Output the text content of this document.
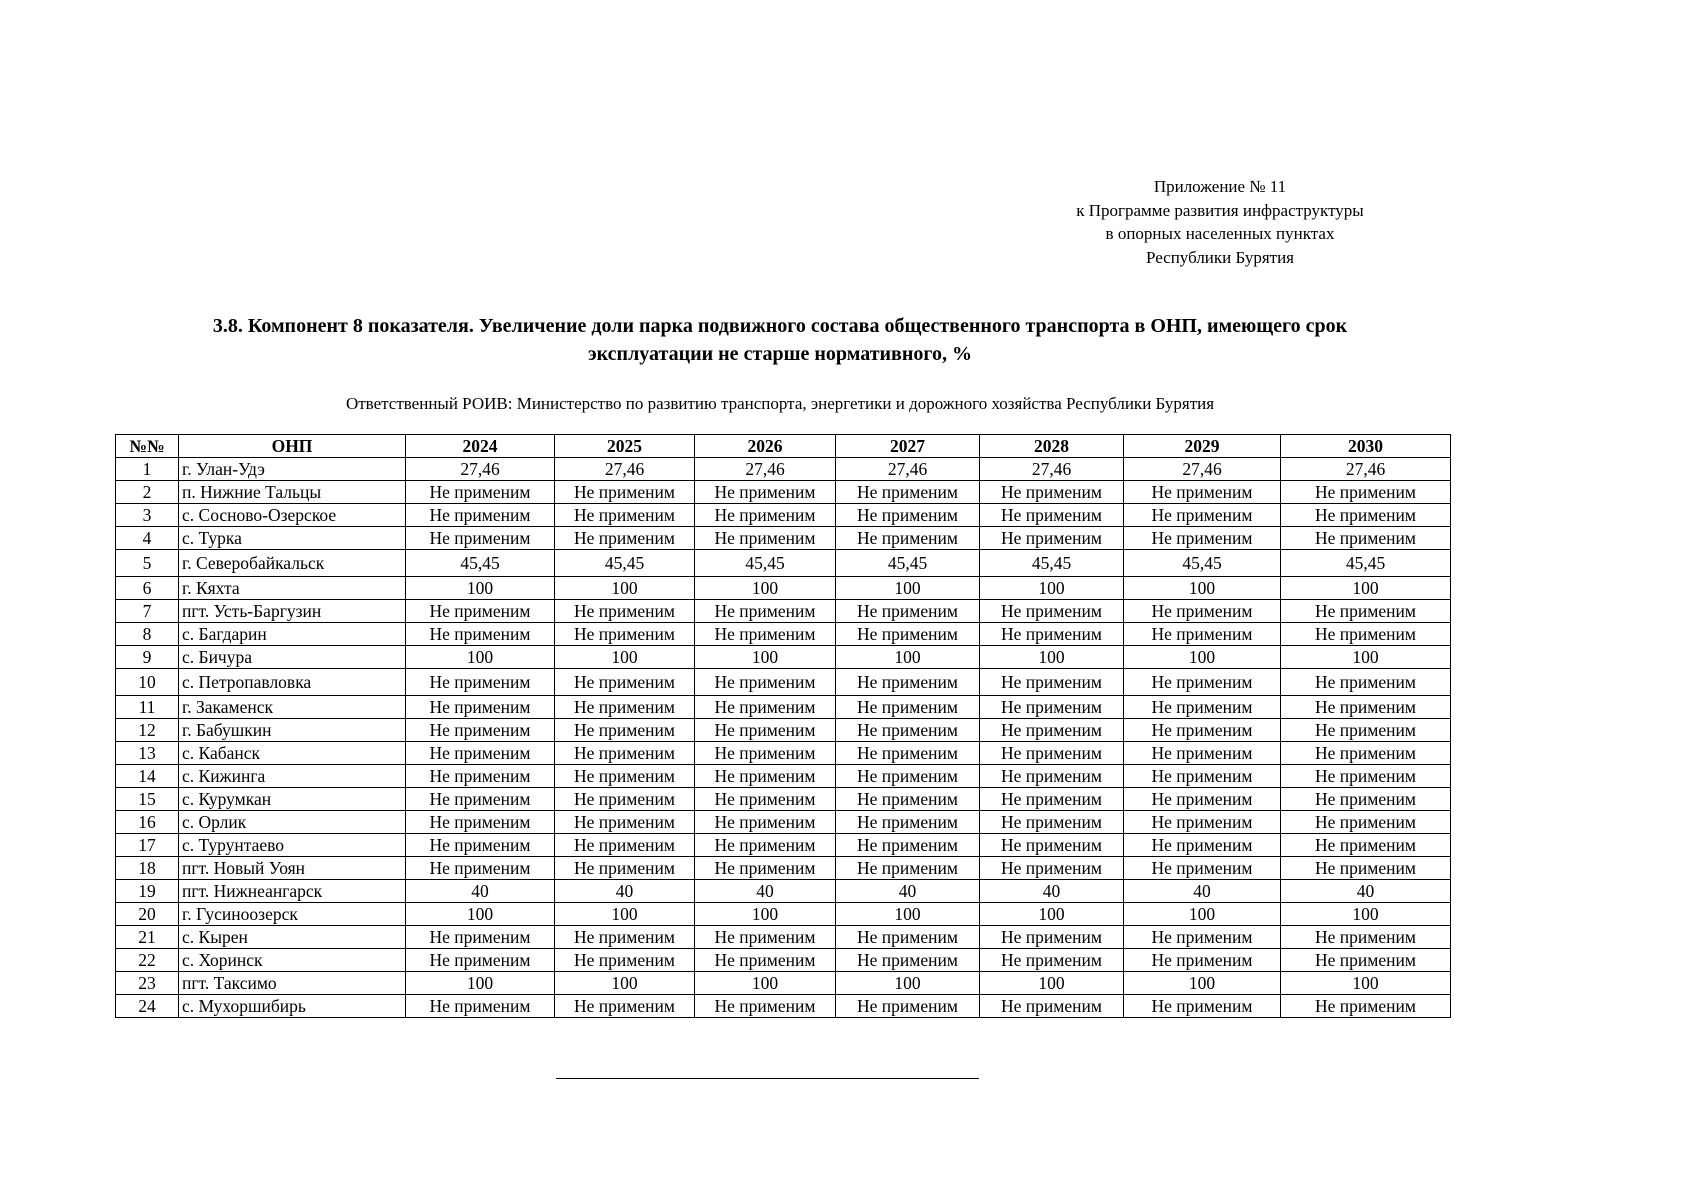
Приложение № 11
к Программе развития инфраструктуры
в опорных населенных пунктах
Республики Бурятия
3.8. Компонент 8 показателя. Увеличение доли парка подвижного состава общественного транспорта в ОНП, имеющего срок
эксплуатации не старше нормативного, %
Ответственный РОИВ: Министерство по развитию транспорта, энергетики и дорожного хозяйства Республики Бурятия
№№	ОНП	2024	2025	2026	2027	2028	2029	2030
1	г. Улан-Удэ	27,46	27,46	27,46	27,46	27,46	27,46	27,46
2	п. Нижние Тальцы	Не применим	Не применим	Не применим	Не применим	Не применим	Не применим	Не применим
3	с. Сосново-Озерское	Не применим	Не применим	Не применим	Не применим	Не применим	Не применим	Не применим
4	с. Турка	Не применим	Не применим	Не применим	Не применим	Не применим	Не применим	Не применим
5	г. Северобайкальск	45,45	45,45	45,45	45,45	45,45	45,45	45,45
6	г. Кяхта	100	100	100	100	100	100	100
7	пгт. Усть-Баргузин	Не применим	Не применим	Не применим	Не применим	Не применим	Не применим	Не применим
8	с. Багдарин	Не применим	Не применим	Не применим	Не применим	Не применим	Не применим	Не применим
9	с. Бичура	100	100	100	100	100	100	100
10	с. Петропавловка	Не применим	Не применим	Не применим	Не применим	Не применим	Не применим	Не применим
11	г. Закаменск	Не применим	Не применим	Не применим	Не применим	Не применим	Не применим	Не применим
12	г. Бабушкин	Не применим	Не применим	Не применим	Не применим	Не применим	Не применим	Не применим
13	с. Кабанск	Не применим	Не применим	Не применим	Не применим	Не применим	Не применим	Не применим
14	с. Кижинга	Не применим	Не применим	Не применим	Не применим	Не применим	Не применим	Не применим
15	с. Курумкан	Не применим	Не применим	Не применим	Не применим	Не применим	Не применим	Не применим
16	с. Орлик	Не применим	Не применим	Не применим	Не применим	Не применим	Не применим	Не применим
17	с. Турунтаево	Не применим	Не применим	Не применим	Не применим	Не применим	Не применим	Не применим
18	пгт. Новый Уоян	Не применим	Не применим	Не применим	Не применим	Не применим	Не применим	Не применим
19	пгт. Нижнеангарск	40	40	40	40	40	40	40
20	г. Гусиноозерск	100	100	100	100	100	100	100
21	с. Кырен	Не применим	Не применим	Не применим	Не применим	Не применим	Не применим	Не применим
22	с. Хоринск	Не применим	Не применим	Не применим	Не применим	Не применим	Не применим	Не применим
23	пгт. Таксимо	100	100	100	100	100	100	100
24	с. Мухоршибирь	Не применим	Не применим	Не применим	Не применим	Не применим	Не применим	Не применим
